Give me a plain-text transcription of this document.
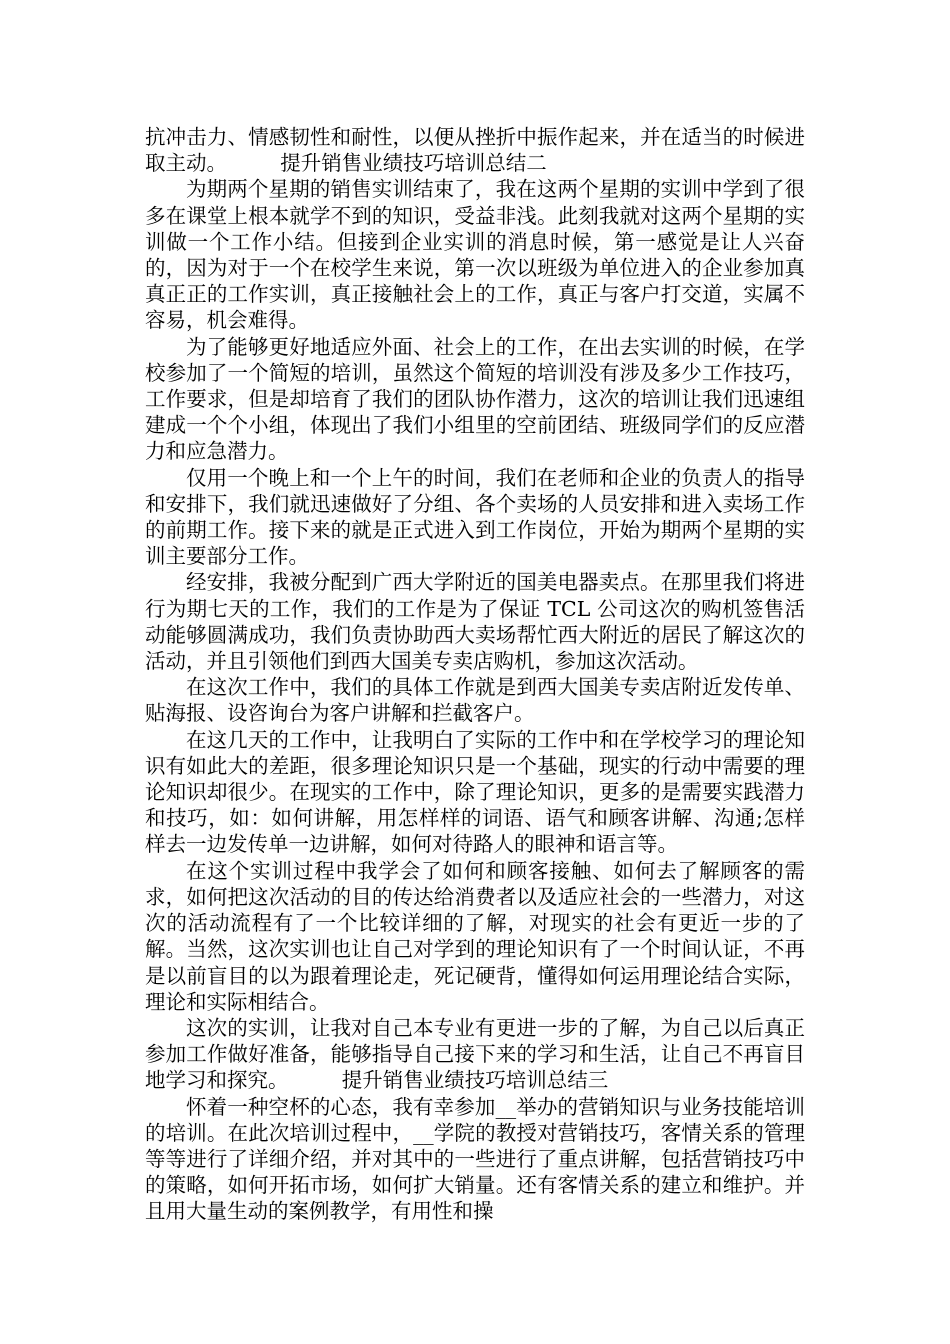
抗冲击力、情感韧性和耐性，以便从挫折中振作起来，并在适当的时候进取主动。	提升销售业绩技巧培训总结二

为期两个星期的销售实训结束了，我在这两个星期的实训中学到了很多在课堂上根本就学不到的知识，受益非浅。此刻我就对这两个星期的实训做一个工作小结。但接到企业实训的消息时候，第一感觉是让人兴奋的，因为对于一个在校学生来说，第一次以班级为单位进入的企业参加真真正正的工作实训，真正接触社会上的工作，真正与客户打交道，实属不容易，机会难得。

为了能够更好地适应外面、社会上的工作，在出去实训的时候，在学校参加了一个简短的培训，虽然这个简短的培训没有涉及多少工作技巧，工作要求，但是却培育了我们的团队协作潜力，这次的培训让我们迅速组建成一个个小组，体现出了我们小组里的空前团结、班级同学们的反应潜力和应急潜力。

仅用一个晚上和一个上午的时间，我们在老师和企业的负责人的指导和安排下，我们就迅速做好了分组、各个卖场的人员安排和进入卖场工作的前期工作。接下来的就是正式进入到工作岗位，开始为期两个星期的实训主要部分工作。

经安排，我被分配到广西大学附近的国美电器卖点。在那里我们将进行为期七天的工作，我们的工作是为了保证 TCL 公司这次的购机签售活动能够圆满成功，我们负责协助西大卖场帮忙西大附近的居民了解这次的活动，并且引领他们到西大国美专卖店购机，参加这次活动。

在这次工作中，我们的具体工作就是到西大国美专卖店附近发传单、贴海报、设咨询台为客户讲解和拦截客户。

在这几天的工作中，让我明白了实际的工作中和在学校学习的理论知识有如此大的差距，很多理论知识只是一个基础，现实的行动中需要的理论知识却很少。在现实的工作中，除了理论知识，更多的是需要实践潜力和技巧，如：如何讲解，用怎样样的词语、语气和顾客讲解、沟通;怎样样去一边发传单一边讲解，如何对待路人的眼神和语言等。

在这个实训过程中我学会了如何和顾客接触、如何去了解顾客的需求，如何把这次活动的目的传达给消费者以及适应社会的一些潜力，对这次的活动流程有了一个比较详细的了解，对现实的社会有更近一步的了解。当然，这次实训也让自己对学到的理论知识有了一个时间认证，不再是以前盲目的以为跟着理论走，死记硬背，懂得如何运用理论结合实际，理论和实际相结合。

这次的实训，让我对自己本专业有更进一步的了解，为自己以后真正参加工作做好准备，能够指导自己接下来的学习和生活，让自己不再盲目地学习和探究。	提升销售业绩技巧培训总结三

怀着一种空杯的心态，我有幸参加__举办的营销知识与业务技能培训的培训。在此次培训过程中，__学院的教授对营销技巧，客情关系的管理等等进行了详细介绍，并对其中的一些进行了重点讲解，包括营销技巧中的策略，如何开拓市场，如何扩大销量。还有客情关系的建立和维护。并且用大量生动的案例教学，有用性和操
